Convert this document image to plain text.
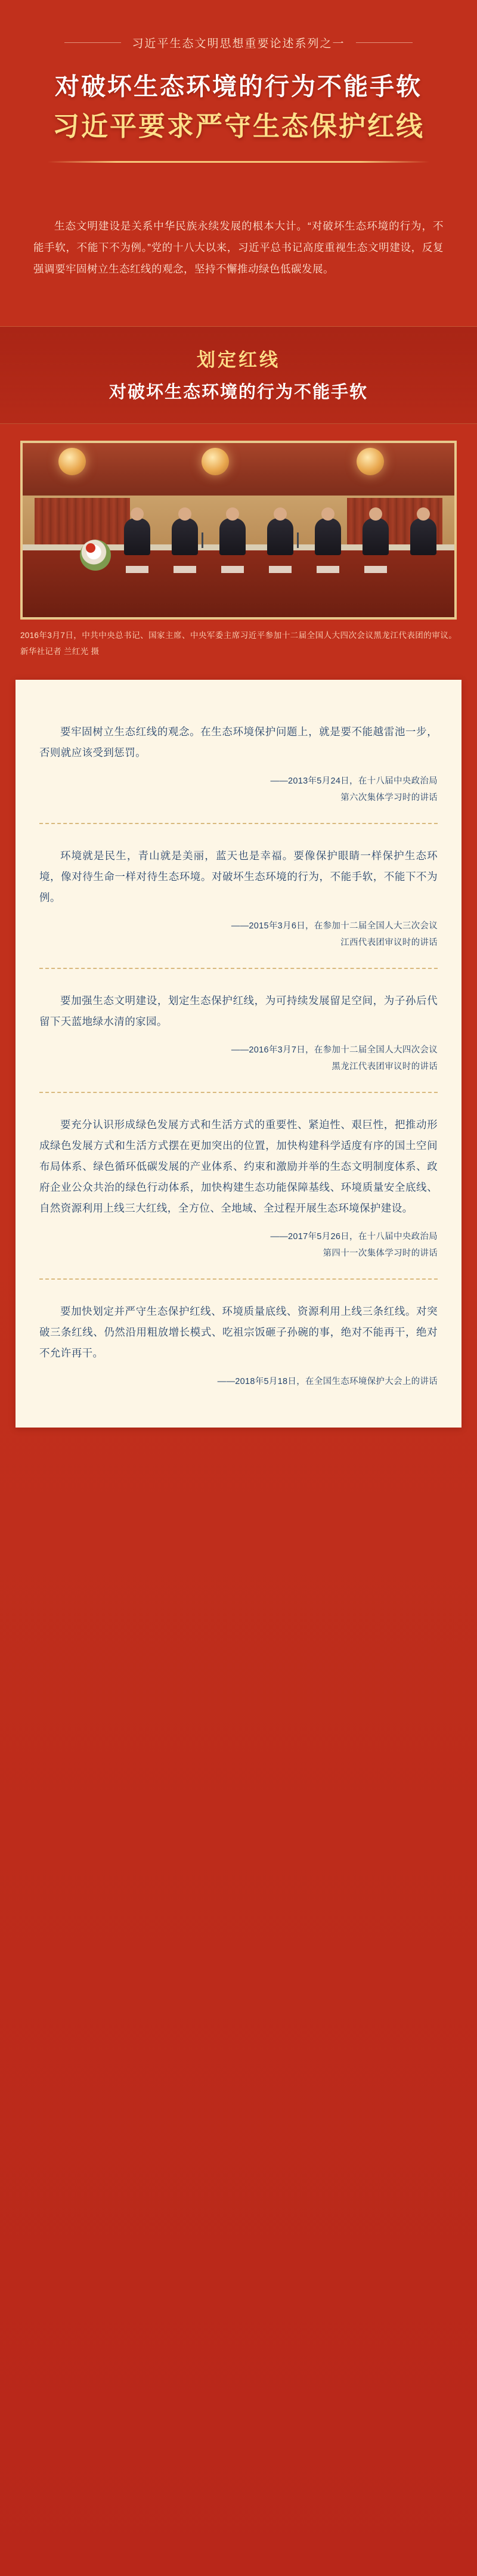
习近平生态文明思想重要论述系列之一
对破坏生态环境的行为不能手软
习近平要求严守生态保护红线

生态文明建设是关系中华民族永续发展的根本大计。“对破坏生态环境的行为，不能手软，不能下不为例。”党的十八大以来，习近平总书记高度重视生态文明建设，反复强调要牢固树立生态红线的观念，坚持不懈推动绿色低碳发展。

划定红线
对破坏生态环境的行为不能手软
2016年3月7日，中共中央总书记、国家主席、中央军委主席习近平参加十二届全国人大四次会议黑龙江代表团的审议。 新华社记者 兰红光 摄

要牢固树立生态红线的观念。在生态环境保护问题上，就是要不能越雷池一步，否则就应该受到惩罚。

——2013年5月24日，在十八届中央政治局
第六次集体学习时的讲话

环境就是民生，青山就是美丽，蓝天也是幸福。要像保护眼睛一样保护生态环境，像对待生命一样对待生态环境。对破坏生态环境的行为，不能手软，不能下不为例。

——2015年3月6日，在参加十二届全国人大三次会议
江西代表团审议时的讲话

要加强生态文明建设，划定生态保护红线，为可持续发展留足空间，为子孙后代留下天蓝地绿水清的家园。

——2016年3月7日，在参加十二届全国人大四次会议
黑龙江代表团审议时的讲话

要充分认识形成绿色发展方式和生活方式的重要性、紧迫性、艰巨性，把推动形成绿色发展方式和生活方式摆在更加突出的位置，加快构建科学适度有序的国土空间布局体系、绿色循环低碳发展的产业体系、约束和激励并举的生态文明制度体系、政府企业公众共治的绿色行动体系，加快构建生态功能保障基线、环境质量安全底线、自然资源利用上线三大红线，全方位、全地域、全过程开展生态环境保护建设。

——2017年5月26日，在十八届中央政治局
第四十一次集体学习时的讲话

要加快划定并严守生态保护红线、环境质量底线、资源利用上线三条红线。对突破三条红线、仍然沿用粗放增长模式、吃祖宗饭砸子孙碗的事，绝对不能再干，绝对不允许再干。

——2018年5月18日，在全国生态环境保护大会上的讲话
